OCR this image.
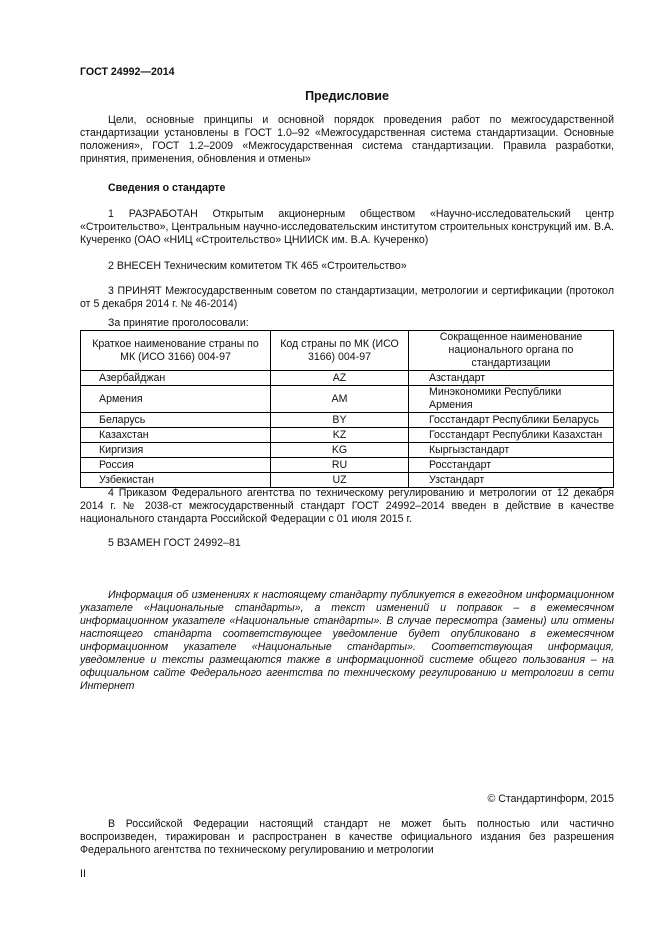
ГОСТ 24992—2014
Предисловие
Цели, основные принципы и основной порядок проведения работ по межгосударственной стандартизации установлены в ГОСТ 1.0–92 «Межгосударственная система стандартизации. Основные положения», ГОСТ 1.2–2009 «Межгосударственная система стандартизации. Правила разработки, принятия, применения, обновления и отмены»
Сведения о стандарте
1 РАЗРАБОТАН Открытым акционерным обществом «Научно-исследовательский центр «Строительство», Центральным научно-исследовательским институтом строительных конструкций им. В.А. Кучеренко (ОАО «НИЦ «Строительство» ЦНИИСК им. В.А. Кучеренко)
2 ВНЕСЕН Техническим комитетом ТК 465 «Строительство»
3 ПРИНЯТ Межгосударственным советом по стандартизации, метрологии и сертификации (протокол от 5 декабря 2014 г. № 46-2014)
За принятие проголосовали:
Краткое наименование страны по МК (ИСО 3166) 004-97	Код страны по МК (ИСО 3166) 004-97	Сокращенное наименование национального органа по стандартизации
Азербайджан	AZ	Азстандарт
Армения	AM	Минэкономики Республики Армения
Беларусь	BY	Госстандарт Республики Беларусь
Казахстан	KZ	Госстандарт Республики Казахстан
Киргизия	KG	Кыргызстандарт
Россия	RU	Росстандарт
Узбекистан	UZ	Узстандарт
4 Приказом Федерального агентства по техническому регулированию и метрологии от 12 декабря 2014 г. № 2038-ст межгосударственный стандарт ГОСТ 24992–2014 введен в действие в качестве национального стандарта Российской Федерации с 01 июля 2015 г.
5 ВЗАМЕН ГОСТ 24992–81
Информация об изменениях к настоящему стандарту публикуется в ежегодном информационном указателе «Национальные стандарты», а текст изменений и поправок – в ежемесячном информационном указателе «Национальные стандарты». В случае пересмотра (замены) или отмены настоящего стандарта соответствующее уведомление будет опубликовано в ежемесячном информационном указателе «Национальные стандарты». Соответствующая информация, уведомление и тексты размещаются также в информационной системе общего пользования – на официальном сайте Федерального агентства по техническому регулированию и метрологии в сети Интернет
© Стандартинформ, 2015
В Российской Федерации настоящий стандарт не может быть полностью или частично воспроизведен, тиражирован и распространен в качестве официального издания без разрешения Федерального агентства по техническому регулированию и метрологии
II
